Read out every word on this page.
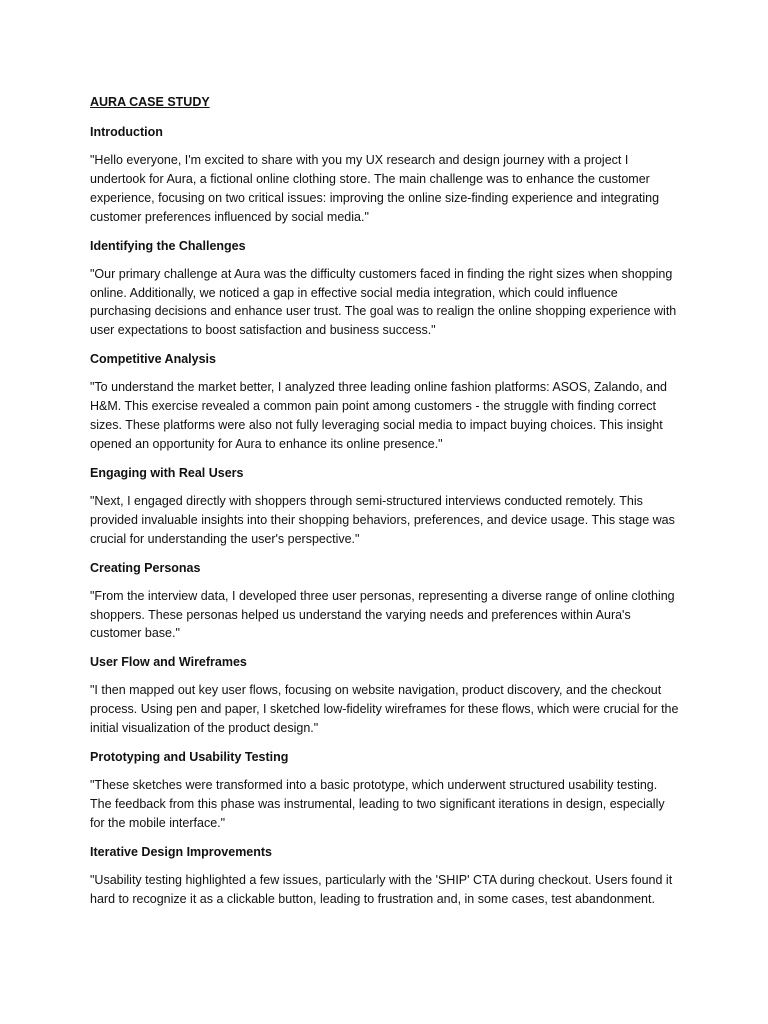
AURA CASE STUDY
Introduction
"Hello everyone, I'm excited to share with you my UX research and design journey with a project I undertook for Aura, a fictional online clothing store. The main challenge was to enhance the customer experience, focusing on two critical issues: improving the online size-finding experience and integrating customer preferences influenced by social media."
Identifying the Challenges
"Our primary challenge at Aura was the difficulty customers faced in finding the right sizes when shopping online. Additionally, we noticed a gap in effective social media integration, which could influence purchasing decisions and enhance user trust. The goal was to realign the online shopping experience with user expectations to boost satisfaction and business success."
Competitive Analysis
"To understand the market better, I analyzed three leading online fashion platforms: ASOS, Zalando, and H&M. This exercise revealed a common pain point among customers - the struggle with finding correct sizes. These platforms were also not fully leveraging social media to impact buying choices. This insight opened an opportunity for Aura to enhance its online presence."
Engaging with Real Users
"Next, I engaged directly with shoppers through semi-structured interviews conducted remotely. This provided invaluable insights into their shopping behaviors, preferences, and device usage. This stage was crucial for understanding the user's perspective."
Creating Personas
"From the interview data, I developed three user personas, representing a diverse range of online clothing shoppers. These personas helped us understand the varying needs and preferences within Aura's customer base."
User Flow and Wireframes
"I then mapped out key user flows, focusing on website navigation, product discovery, and the checkout process. Using pen and paper, I sketched low-fidelity wireframes for these flows, which were crucial for the initial visualization of the product design."
Prototyping and Usability Testing
"These sketches were transformed into a basic prototype, which underwent structured usability testing. The feedback from this phase was instrumental, leading to two significant iterations in design, especially for the mobile interface."
Iterative Design Improvements
"Usability testing highlighted a few issues, particularly with the 'SHIP' CTA during checkout. Users found it hard to recognize it as a clickable button, leading to frustration and, in some cases, test abandonment.
